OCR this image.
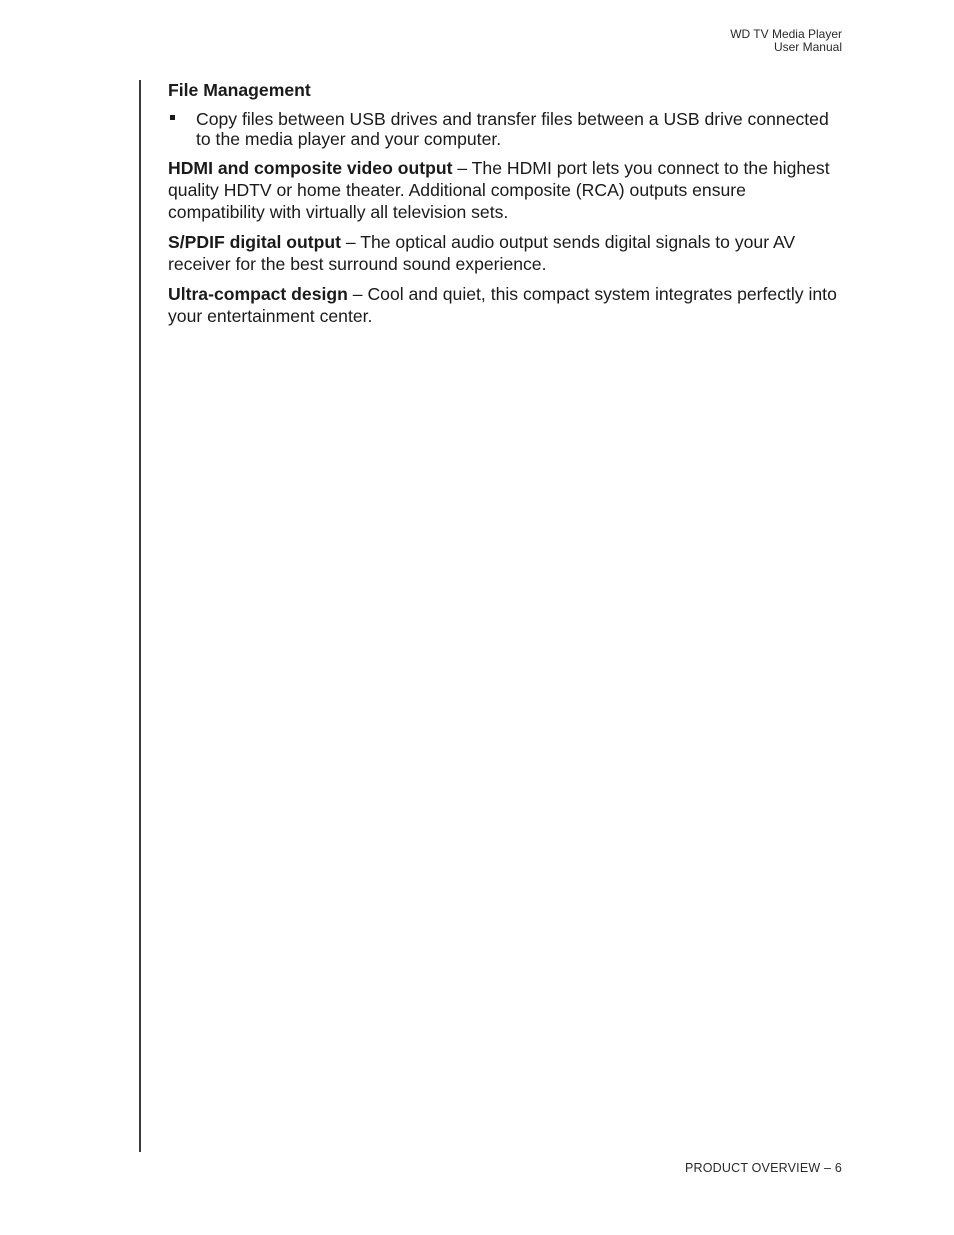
WD TV Media Player
User Manual
File Management
Copy files between USB drives and transfer files between a USB drive connected to the media player and your computer.

HDMI and composite video output – The HDMI port lets you connect to the highest quality HDTV or home theater. Additional composite (RCA) outputs ensure compatibility with virtually all television sets.

S/PDIF digital output – The optical audio output sends digital signals to your AV receiver for the best surround sound experience.

Ultra-compact design – Cool and quiet, this compact system integrates perfectly into your entertainment center.

PRODUCT OVERVIEW – 6
